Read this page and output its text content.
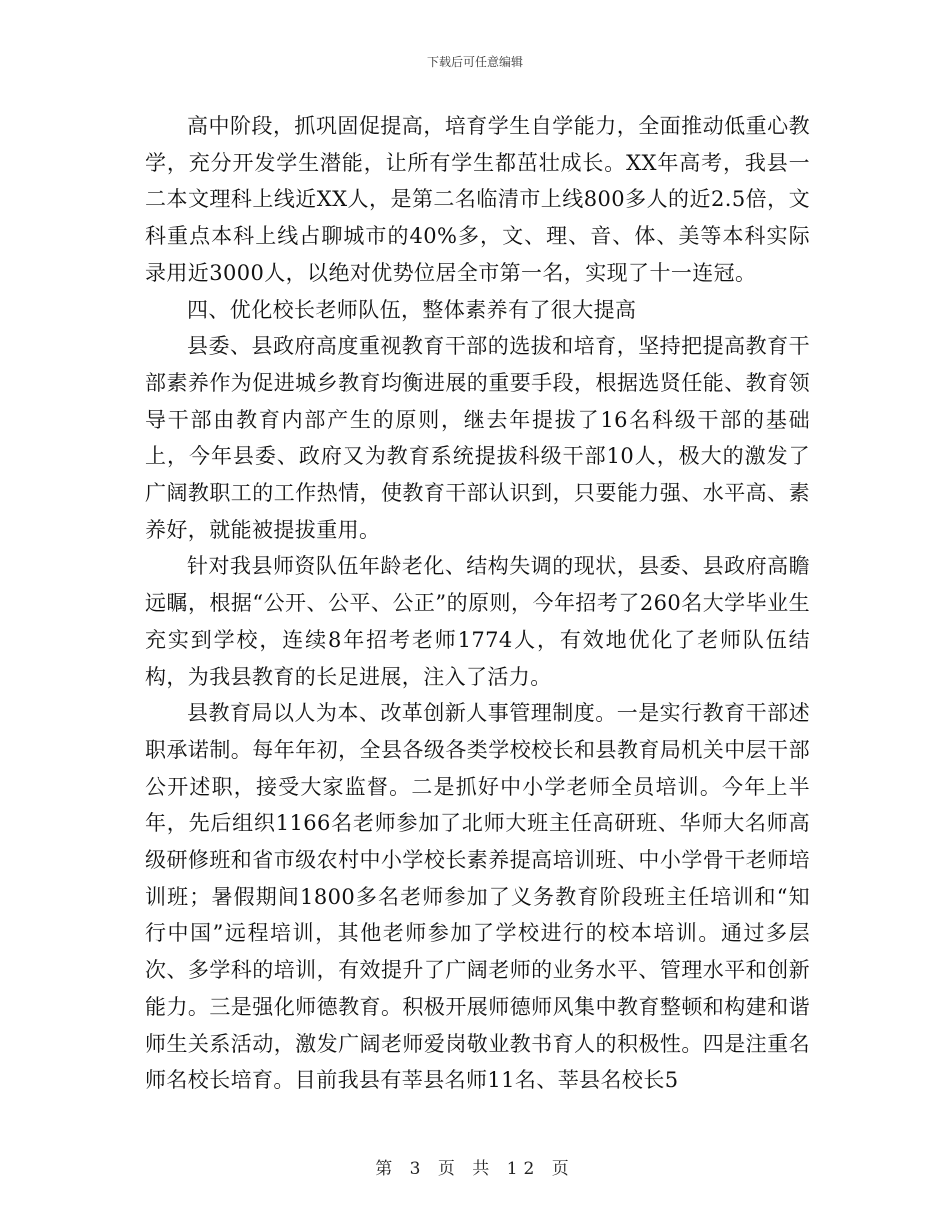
下载后可任意编辑

高中阶段，抓巩固促提高，培育学生自学能力，全面推动低重心教学，充分开发学生潜能，让所有学生都茁壮成长。XX年高考，我县一二本文理科上线近XX人，是第二名临清市上线800多人的近2.5倍，文科重点本科上线占聊城市的40%多，文、理、音、体、美等本科实际录用近3000人，以绝对优势位居全市第一名，实现了十一连冠。

四、优化校长老师队伍，整体素养有了很大提高

县委、县政府高度重视教育干部的选拔和培育，坚持把提高教育干部素养作为促进城乡教育均衡进展的重要手段，根据选贤任能、教育领导干部由教育内部产生的原则，继去年提拔了16名科级干部的基础上，今年县委、政府又为教育系统提拔科级干部10人，极大的激发了广阔教职工的工作热情，使教育干部认识到，只要能力强、水平高、素养好，就能被提拔重用。

针对我县师资队伍年龄老化、结构失调的现状，县委、县政府高瞻远瞩，根据“公开、公平、公正”的原则，今年招考了260名大学毕业生充实到学校，连续8年招考老师1774人，有效地优化了老师队伍结构，为我县教育的长足进展，注入了活力。

县教育局以人为本、改革创新人事管理制度。一是实行教育干部述职承诺制。每年年初，全县各级各类学校校长和县教育局机关中层干部公开述职，接受大家监督。二是抓好中小学老师全员培训。今年上半年，先后组织1166名老师参加了北师大班主任高研班、华师大名师高级研修班和省市级农村中小学校长素养提高培训班、中小学骨干老师培训班；暑假期间1800多名老师参加了义务教育阶段班主任培训和“知行中国”远程培训，其他老师参加了学校进行的校本培训。通过多层次、多学科的培训，有效提升了广阔老师的业务水平、管理水平和创新能力。三是强化师德教育。积极开展师德师风集中教育整顿和构建和谐师生关系活动，激发广阔老师爱岗敬业教书育人的积极性。四是注重名师名校长培育。目前我县有莘县名师11名、莘县名校长5

第 3 页 共 12 页
